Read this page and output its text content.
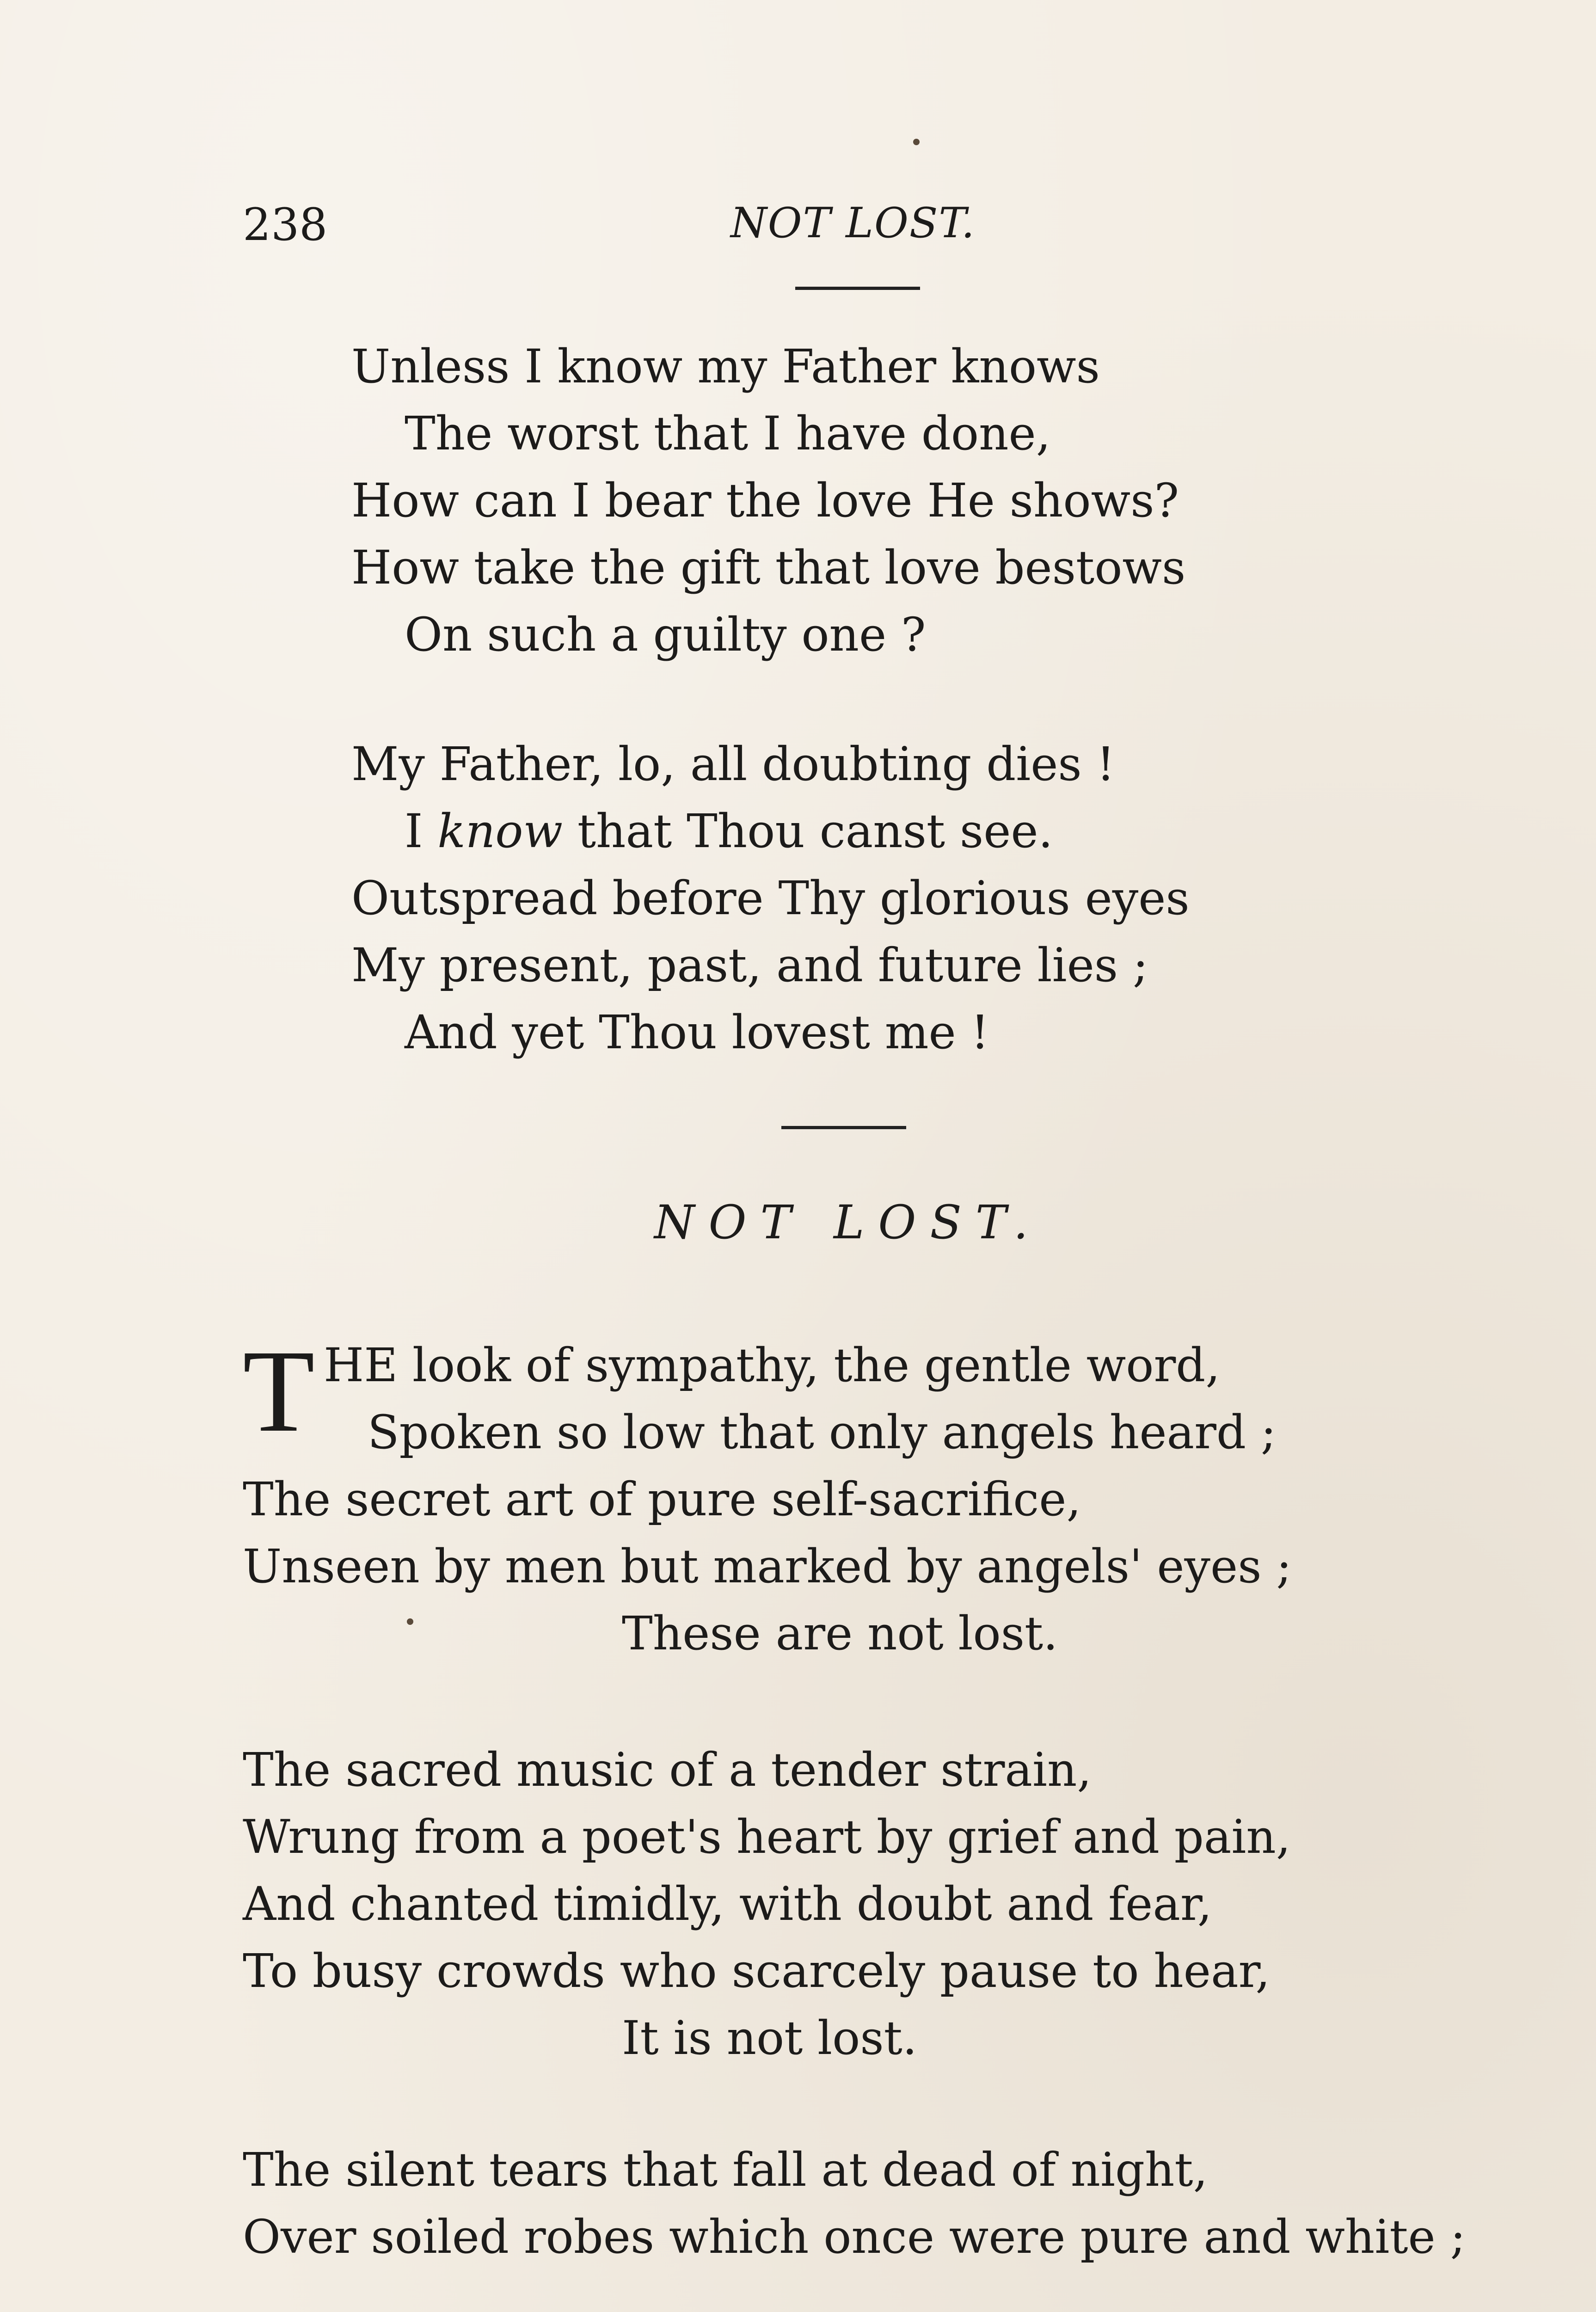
238	NOT LOST.
Unless I know my Father knows
The worst that I have done,
How can I bear the love He shows?
How take the gift that love bestows
On such a guilty one ?
My Father, lo, all doubting dies !
I know that Thou canst see.
Outspread before Thy glorious eyes
My present, past, and future lies ;
And yet Thou lovest me !
NOT LOST.
T HE look of sympathy, the gentle word,
Spoken so low that only angels heard ;
The secret art of pure self-sacrifice,
Unseen by men but marked by angels' eyes ;
These are not lost.
The sacred music of a tender strain,
Wrung from a poet's heart by grief and pain,
And chanted timidly, with doubt and fear,
To busy crowds who scarcely pause to hear,
It is not lost.
The silent tears that fall at dead of night,
Over soiled robes which once were pure and white ;
